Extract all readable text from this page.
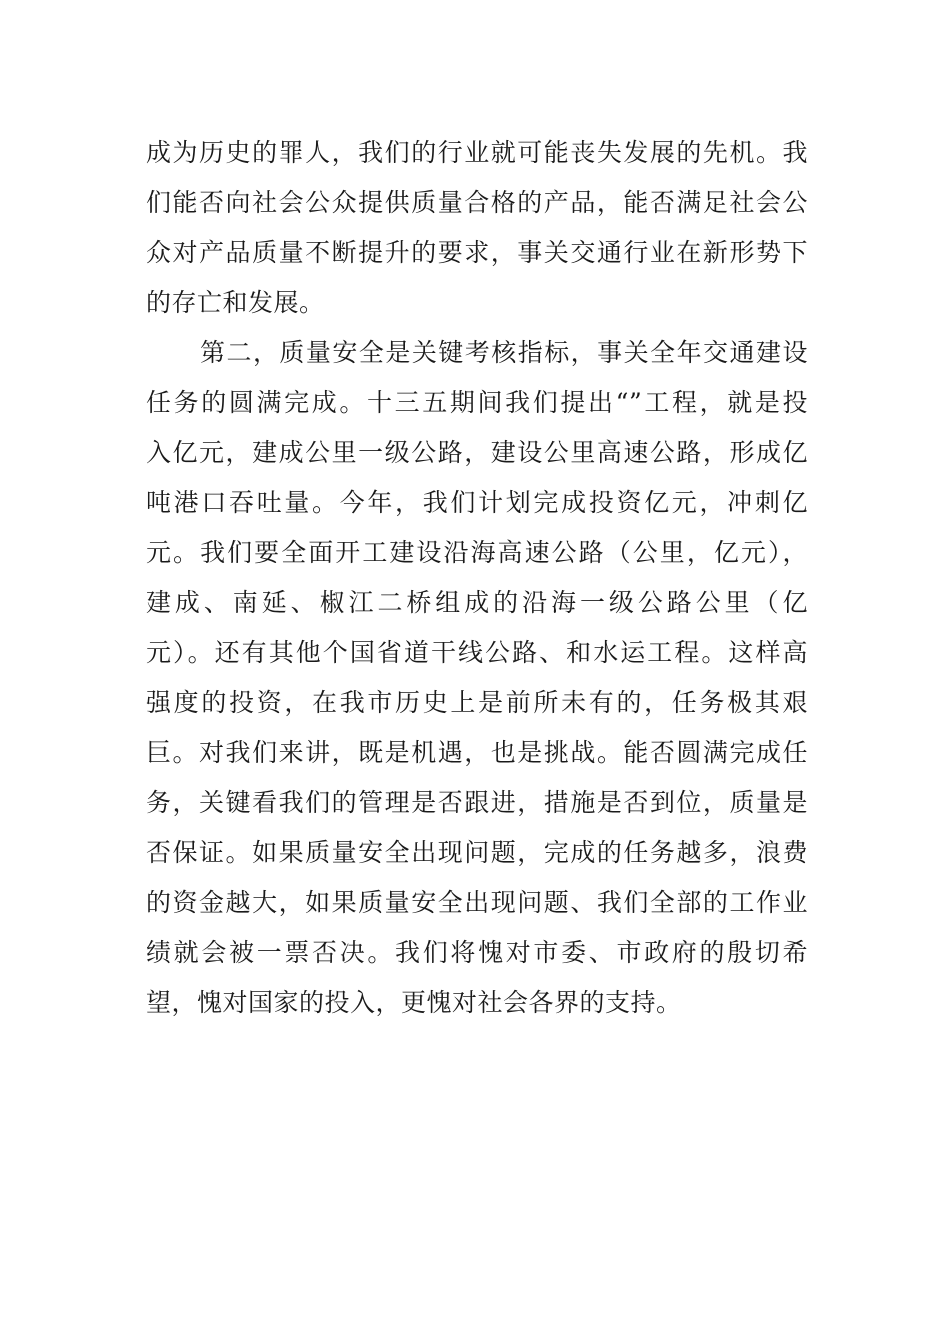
成为历史的罪人，我们的行业就可能丧失发展的先机。我
们能否向社会公众提供质量合格的产品，能否满足社会公
众对产品质量不断提升的要求，事关交通行业在新形势下
的存亡和发展。
第二，质量安全是关键考核指标，事关全年交通建设
任务的圆满完成。十三五期间我们提出“”工程，就是投
入亿元，建成公里一级公路，建设公里高速公路，形成亿
吨港口吞吐量。今年，我们计划完成投资亿元，冲刺亿
元。我们要全面开工建设沿海高速公路（公里，亿元），
建成、南延、椒江二桥组成的沿海一级公路公里（亿
元）。还有其他个国省道干线公路、和水运工程。这样高
强度的投资，在我市历史上是前所未有的，任务极其艰
巨。对我们来讲，既是机遇，也是挑战。能否圆满完成任
务，关键看我们的管理是否跟进，措施是否到位，质量是
否保证。如果质量安全出现问题，完成的任务越多，浪费
的资金越大，如果质量安全出现问题、我们全部的工作业
绩就会被一票否决。我们将愧对市委、市政府的殷切希
望，愧对国家的投入，更愧对社会各界的支持。
